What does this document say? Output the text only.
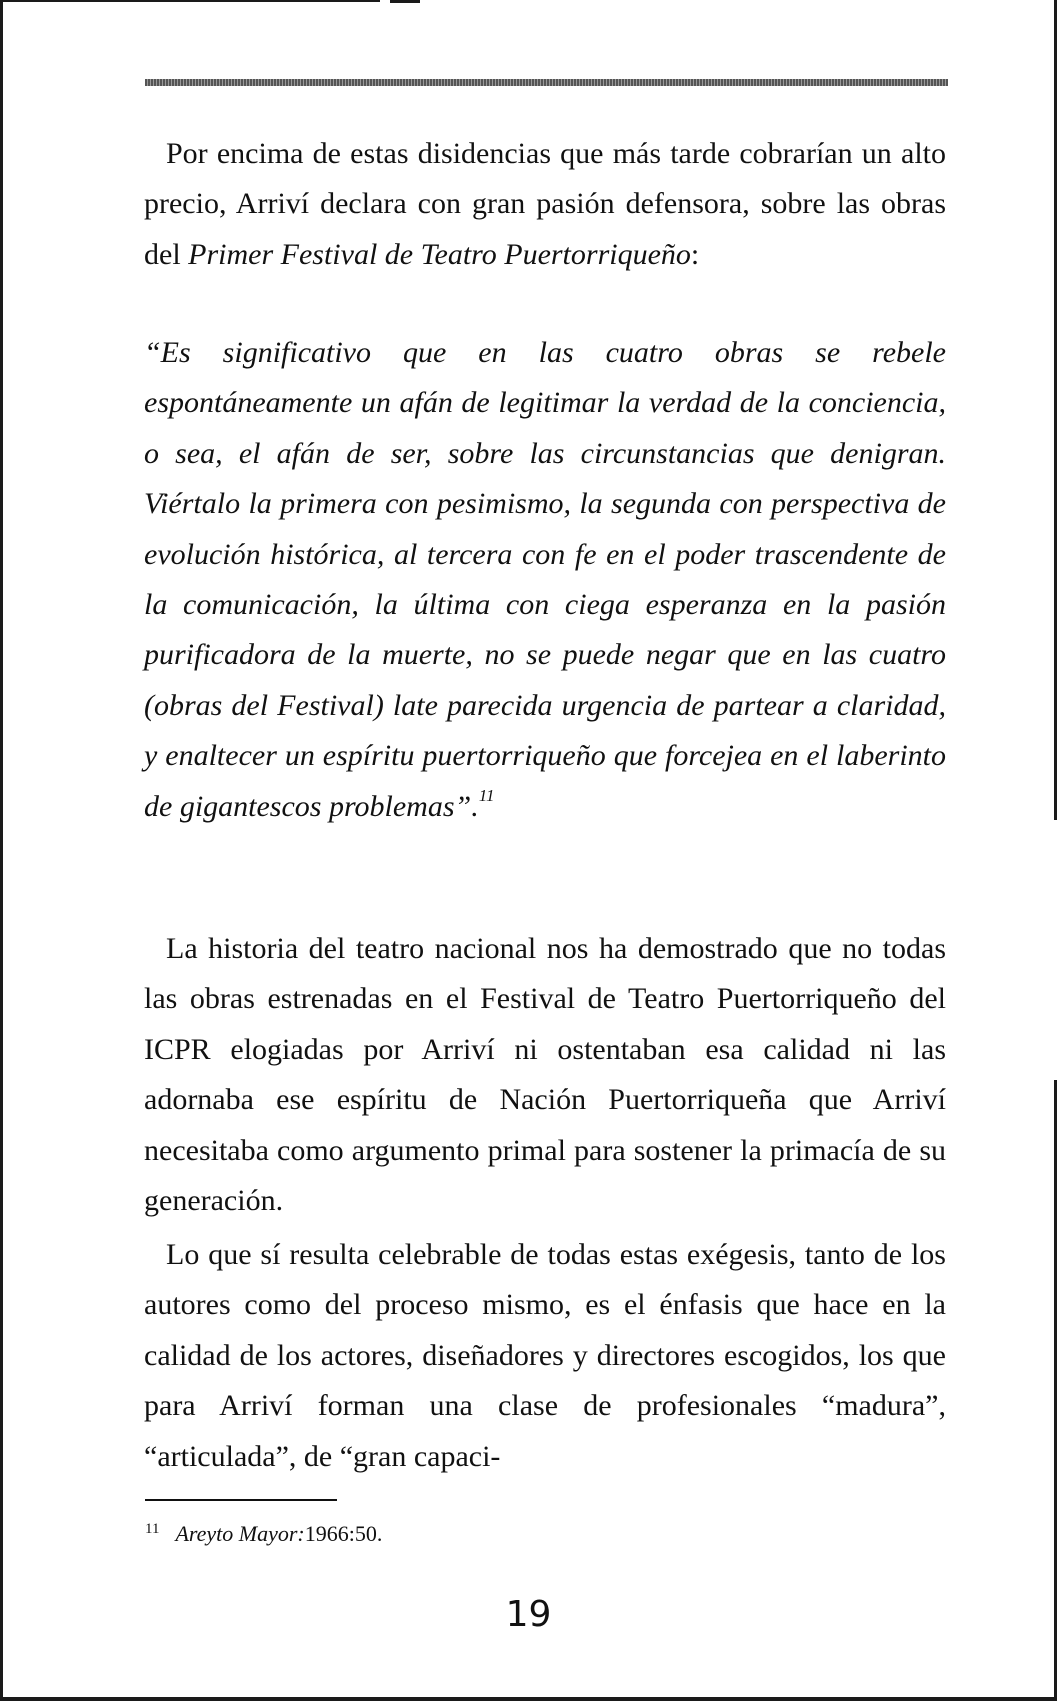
Por encima de estas disidencias que más tarde cobrarían un alto precio, Arriví declara con gran pasión defensora, sobre las obras del Primer Festival de Teatro Puertorriqueño:

“Es significativo que en las cuatro obras se rebele espontáneamente un afán de legitimar la verdad de la conciencia, o sea, el afán de ser, sobre las circunstancias que denigran. Viértalo la primera con pesimismo, la segunda con perspectiva de evolución histórica, al tercera con fe en el poder trascendente de la comunicación, la última con ciega esperanza en la pasión purificadora de la muerte, no se puede negar que en las cuatro (obras del Festival) late parecida urgencia de partear a claridad, y enaltecer un espíritu puertorriqueño que forcejea en el laberinto de gigantescos problemas”.$^{11}$

La historia del teatro nacional nos ha demostrado que no todas las obras estrenadas en el Festival de Teatro Puertorriqueño del ICPR elogiadas por Arriví ni ostentaban esa calidad ni las adornaba ese espíritu de Nación Puertorriqueña que Arriví necesitaba como argumento primal para sostener la primacía de su generación.

Lo que sí resulta celebrable de todas estas exégesis, tanto de los autores como del proceso mismo, es el énfasis que hace en la calidad de los actores, diseñadores y directores escogidos, los que para Arriví forman una clase de profesionales “madura”, “articulada”, de “gran capaci-

$^{11}$ Areyto Mayor:1966:50.
19
